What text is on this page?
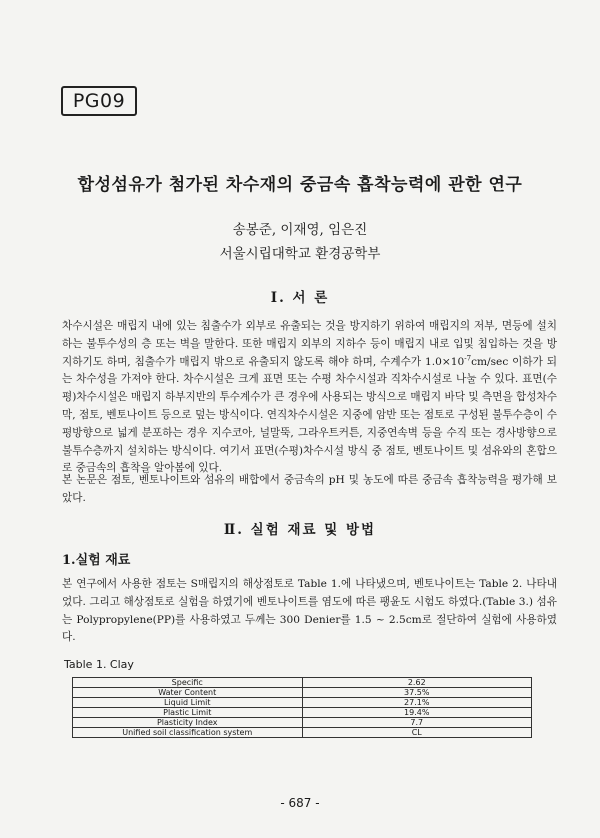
PG09
합성섬유가 첨가된 차수재의 중금속 흡착능력에 관한 연구
송봉준, 이재영, 임은진
서울시립대학교 환경공학부
Ⅰ. 서 론

차수시설은 매립지 내에 있는 침출수가 외부로 유출되는 것을 방지하기 위하여 매립지의 저부, 면등에 설치하는 불투수성의 층 또는 벽을 말한다. 또한 매립지 외부의 지하수 등이 매립지 내로 입및 침입하는 것을 방지하기도 하며, 침출수가 매립지 밖으로 유출되지 않도록 해야 하며, 수계수가 $1.0\times 10^{-7}cm/\sec$ 이하가 되는 차수성을 가져야 한다. 차수시설은 크게 표면 또는 수평 차수시설과 직차수시설로 나눌 수 있다. 표면(수평)차수시설은 매립지 하부지반의 투수계수가 큰 경우에 사용되는 방식으로 매립지 바닥 및 측면을 합성차수막, 점토, 벤토나이트 등으로 덮는 방식이다. 연직차수시설은 지중에 암반 또는 점토로 구성된 불투수층이 수평방향으로 넓게 분포하는 경우 지수코아, 널말뚝, 그라우트커튼, 지중연속벽 등을 수직 또는 경사방향으로 불투수층까지 설치하는 방식이다. 여기서 표면(수평)차수시설 방식 중 점토, 벤토나이트 및 섬유와의 혼합으로 중금속의 흡착을 알아봄에 있다.

본 논문은 점토, 벤토나이트와 섬유의 배합에서 중금속의 pH 및 농도에 따른 중금속 흡착능력을 평가해 보았다.

Ⅱ. 실험 재료 및 방법
1.실험 재료

본 연구에서 사용한 점토는 S매립지의 해상점토로 Table 1.에 나타냈으며, 벤토나이트는 Table 2. 나타내었다. 그리고 해상점토로 실험을 하였기에 벤토나이트를 염도에 따른 팽윤도 시험도 하였다.(Table 3.) 섬유는 Polypropylene(PP)를 사용하였고 두께는 300 Denier를 1.5 ~ 2.5cm로 절단하여 실험에 사용하였다.

Table 1. Clay
Specific	2.62
Water Content	37.5%
Liquid Limit	27.1%
Plastic Limit	19.4%
Plasticity Index	7.7
Unified soil classification system	CL
- 687 -
